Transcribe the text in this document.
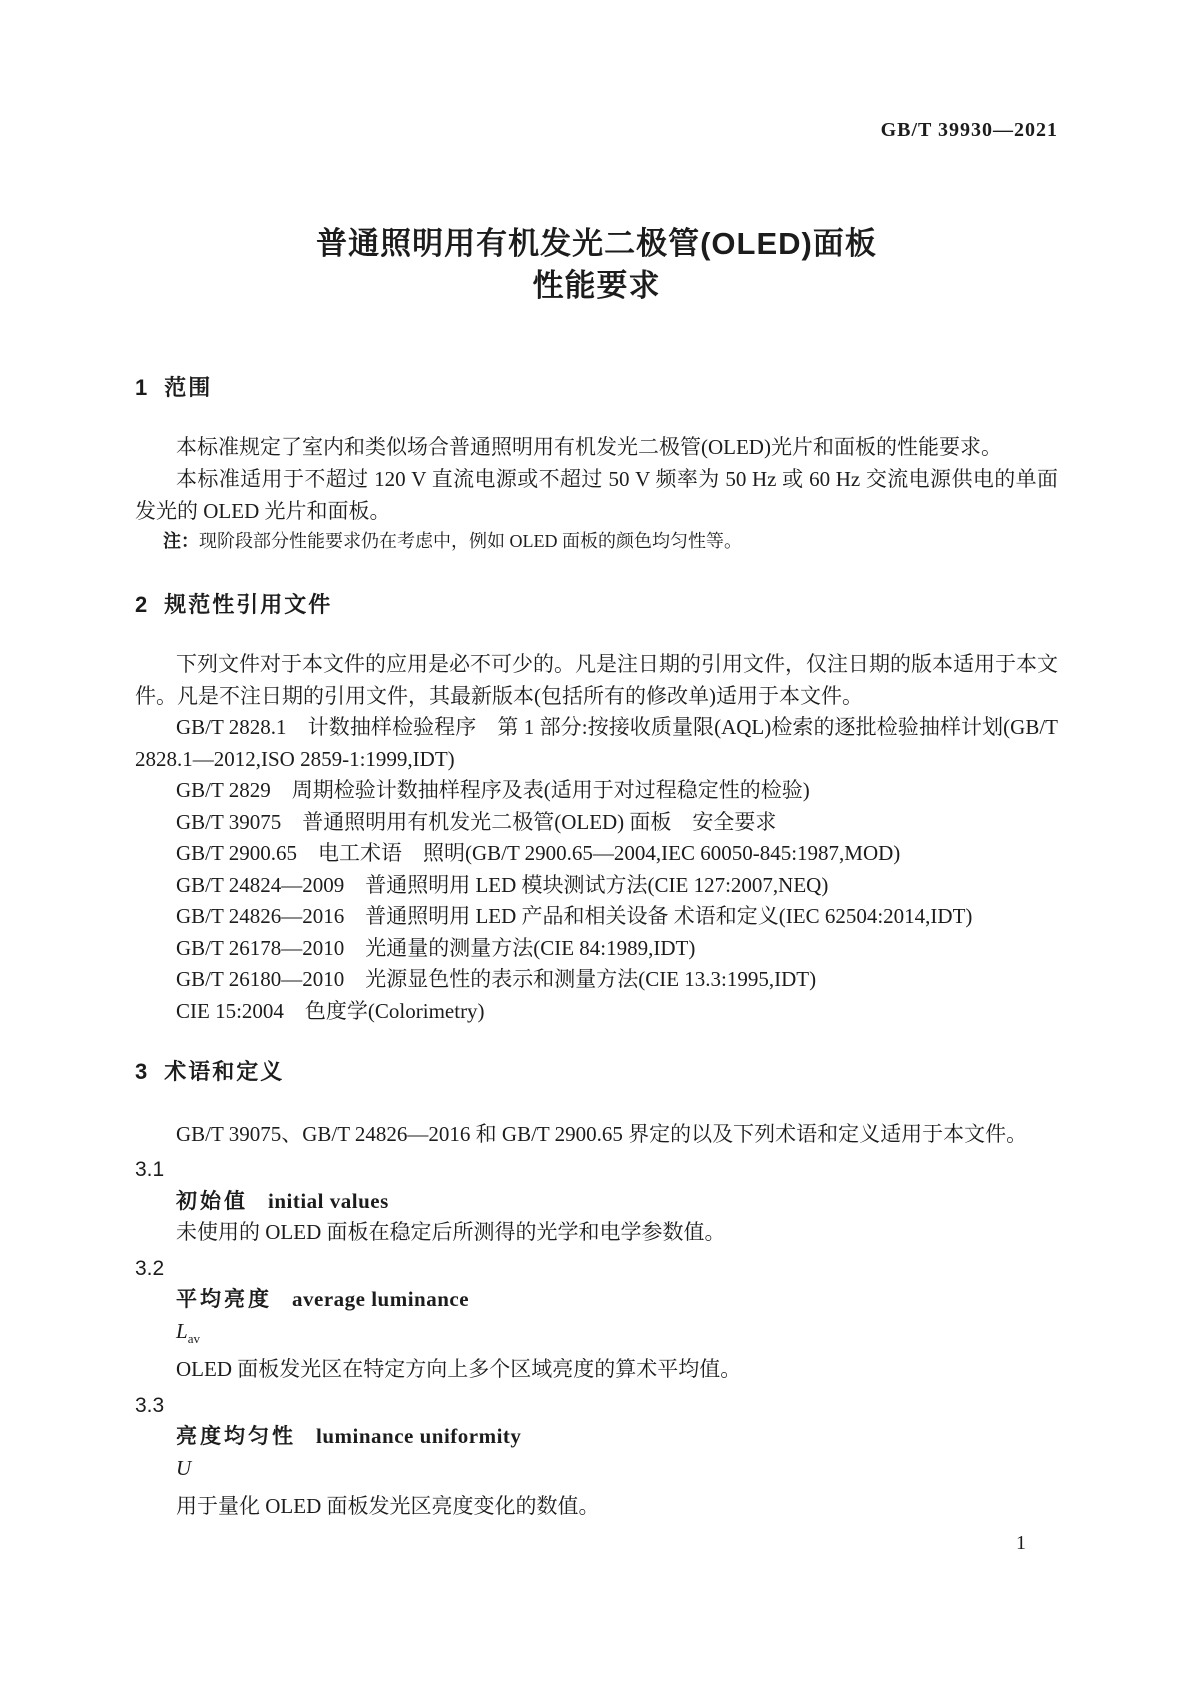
GB/T 39930—2021
普通照明用有机发光二极管(OLED)面板
性能要求
1 范围

本标准规定了室内和类似场合普通照明用有机发光二极管(OLED)光片和面板的性能要求。

本标准适用于不超过 120 V 直流电源或不超过 50 V 频率为 50 Hz 或 60 Hz 交流电源供电的单面发光的 OLED 光片和面板。

注：现阶段部分性能要求仍在考虑中，例如 OLED 面板的颜色均匀性等。

2 规范性引用文件

下列文件对于本文件的应用是必不可少的。凡是注日期的引用文件，仅注日期的版本适用于本文件。凡是不注日期的引用文件，其最新版本(包括所有的修改单)适用于本文件。

GB/T 2828.1　计数抽样检验程序　第 1 部分:按接收质量限(AQL)检索的逐批检验抽样计划(GB/T 2828.1—2012,ISO 2859-1:1999,IDT)
GB/T 2829　周期检验计数抽样程序及表(适用于对过程稳定性的检验)
GB/T 39075　普通照明用有机发光二极管(OLED) 面板　安全要求
GB/T 2900.65　电工术语　照明(GB/T 2900.65—2004,IEC 60050-845:1987,MOD)
GB/T 24824—2009　普通照明用 LED 模块测试方法(CIE 127:2007,NEQ)
GB/T 24826—2016　普通照明用 LED 产品和相关设备 术语和定义(IEC 62504:2014,IDT)
GB/T 26178—2010　光通量的测量方法(CIE 84:1989,IDT)
GB/T 26180—2010　光源显色性的表示和测量方法(CIE 13.3:1995,IDT)
CIE 15:2004　色度学(Colorimetry)
3 术语和定义

GB/T 39075、GB/T 24826—2016 和 GB/T 2900.65 界定的以及下列术语和定义适用于本文件。

3.1
初始值 initial values
未使用的 OLED 面板在稳定后所测得的光学和电学参数值。
3.2
平均亮度 average luminance
$L_{av}$
OLED 面板发光区在特定方向上多个区域亮度的算术平均值。
3.3
亮度均匀性 luminance uniformity
U
用于量化 OLED 面板发光区亮度变化的数值。
1
